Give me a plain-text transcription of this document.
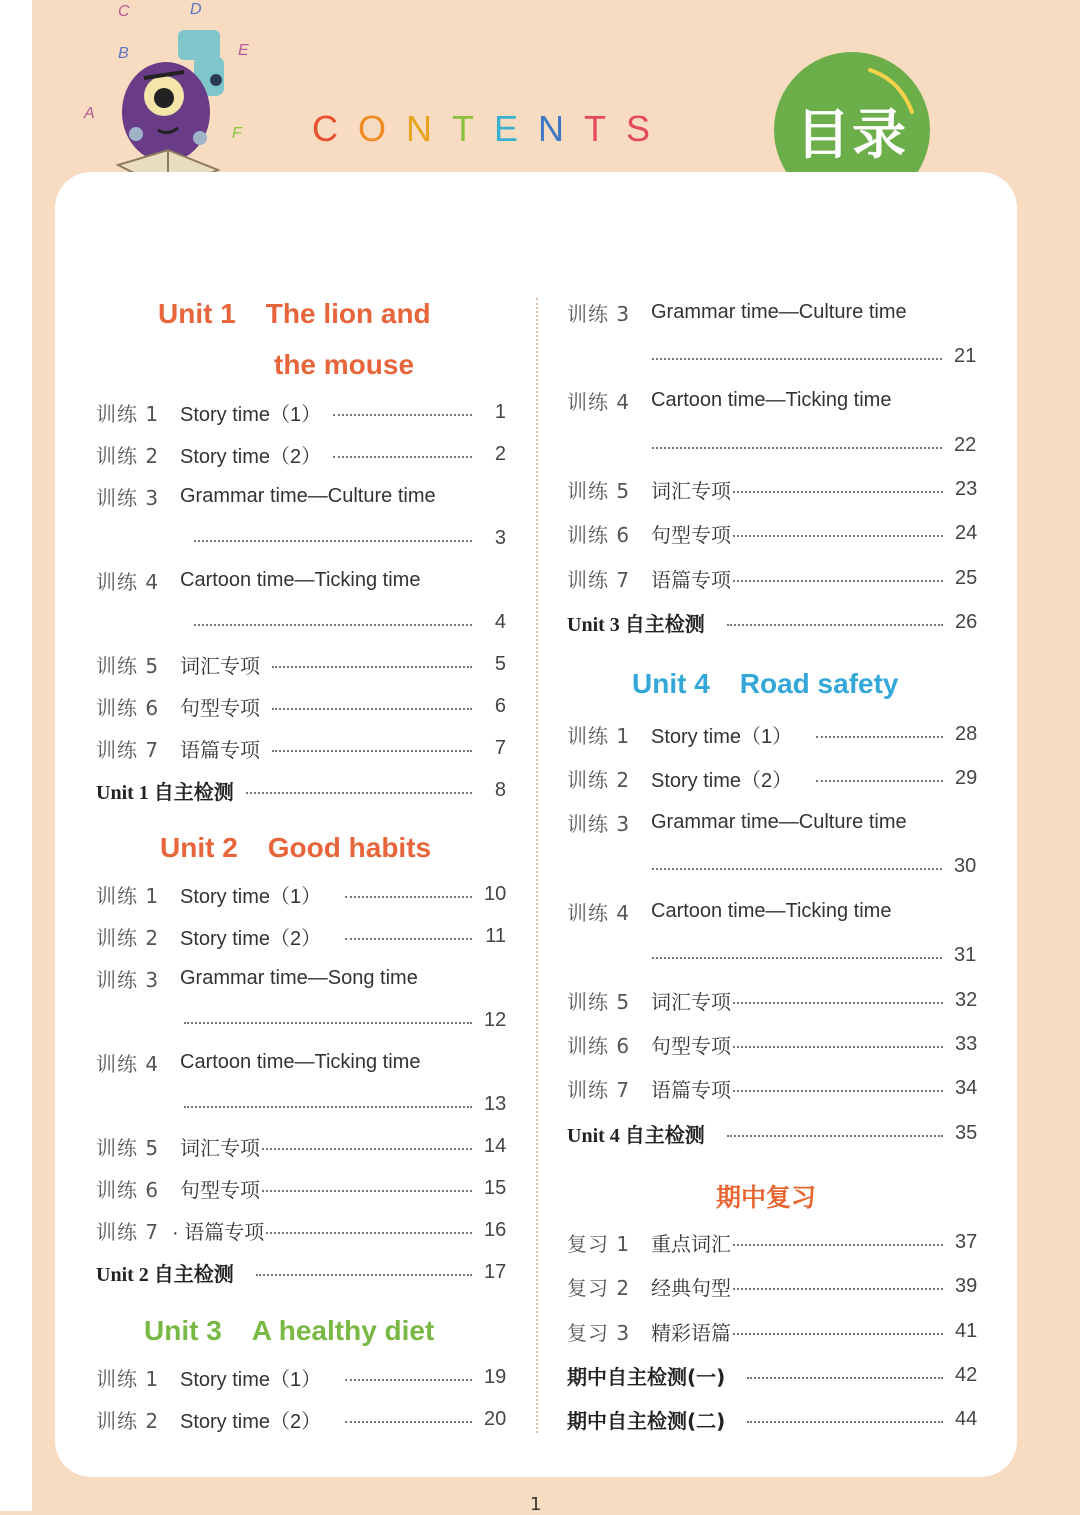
C	D
B	E
A
F CONTENTS 目录
Unit 1 The lion and
the mouse
训练 1	Story time（1）	1
训练 2	Story time（2）	2
训练 3	Grammar time—Culture time
3
训练 4	Cartoon time—Ticking time
4
训练 5	词汇专项	5
训练 6	句型专项	6
训练 7	语篇专项	7
Unit 1 自主检测	8
Unit 2 Good habits
训练 1	Story time（1）	10
训练 2	Story time（2）	11
训练 3	Grammar time—Song time
12
训练 4	Cartoon time—Ticking time
13
训练 5	词汇专项	14
训练 6	句型专项	15
训练 7 · 语篇专项	16
Unit 2 自主检测	17
Unit 3 A healthy diet
训练 1	Story time（1）	19
训练 2	Story time（2）	20
训练 3	Grammar time—Culture time
21
训练 4	Cartoon time—Ticking time
22
训练 5	词汇专项	23
训练 6	句型专项	24
训练 7	语篇专项	25
Unit 3 自主检测	26
Unit 4 Road safety
训练 1	Story time（1）	28
训练 2	Story time（2）	29
训练 3	Grammar time—Culture time
30
训练 4	Cartoon time—Ticking time
31
训练 5	词汇专项	32
训练 6	句型专项	33
训练 7	语篇专项	34
Unit 4 自主检测	35
期中复习
复习 1	重点词汇	37
复习 2	经典句型	39
复习 3	精彩语篇	41
期中自主检测(一)	42
期中自主检测(二)	44
1
